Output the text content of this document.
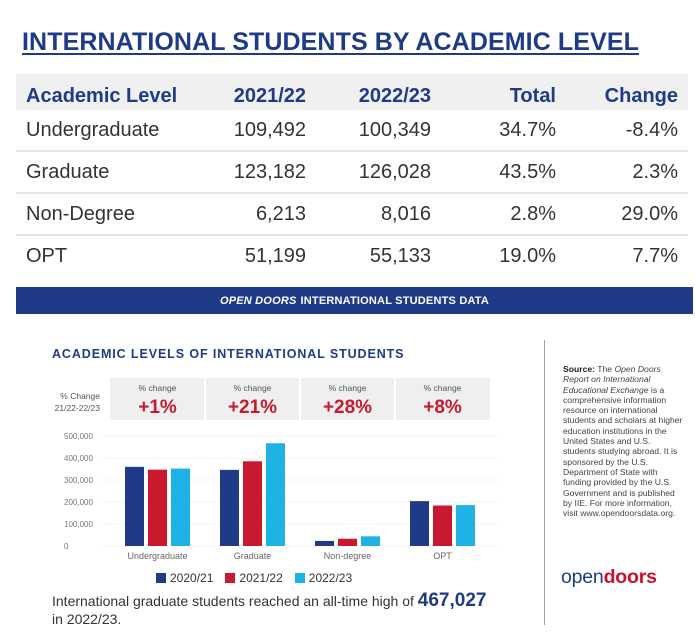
INTERNATIONAL STUDENTS BY ACADEMIC LEVEL
Academic Level	2021/22	2022/23	Total	Change
Undergraduate	109,492	100,349	34.7%	-8.4%
Graduate	123,182	126,028	43.5%	2.3%
Non-Degree	6,213	8,016	2.8%	29.0%
OPT	51,199	55,133	19.0%	7.7%
OPEN DOORS INTERNATIONAL STUDENTS DATA
ACADEMIC LEVELS OF INTERNATIONAL STUDENTS
% Change
21/22-22/23
% change
+1%
% change
+21%
% change
+28%
% change
+8%
0
100,000
200,000
300,000
400,000
500,000
Undergraduate	Graduate	Non-degree	OPT
2020/21 2021/22 2022/23
International graduate students reached an all-time high of 467,027 in 2022/23.
Source: The Open Doors Report on International Educational Exchange is a comprehensive information resource on international students and scholars at higher education institutions in the United States and U.S. students studying abroad. It is sponsored by the U.S. Department of State with funding provided by the U.S. Government and is published by IIE. For more information, visit www.opendoorsdata.org.
opendoors
